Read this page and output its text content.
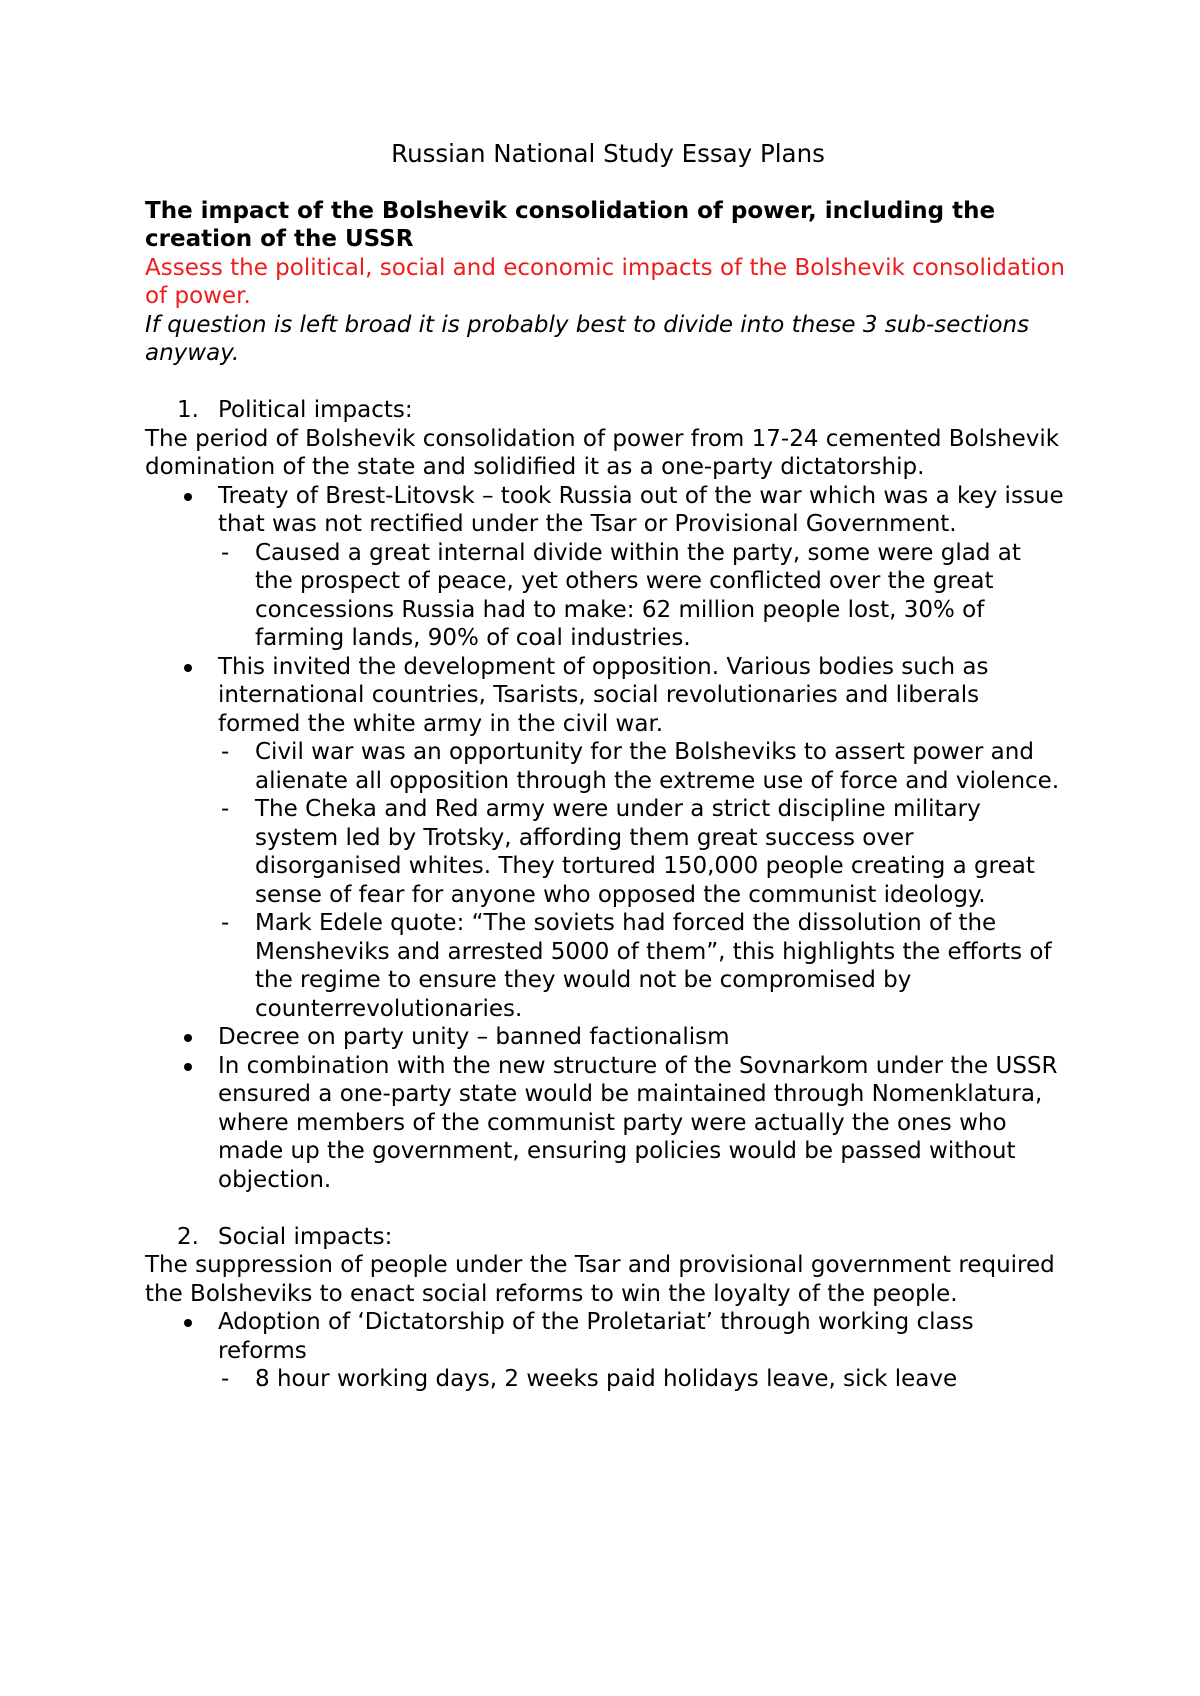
Russian National Study Essay Plans

The impact of the Bolshevik consolidation of power, including the creation of the USSR

Assess the political, social and economic impacts of the Bolshevik consolidation of power.

If question is left broad it is probably best to divide into these 3 sub-sections anyway.

1. Political impacts:

The period of Bolshevik consolidation of power from 17-24 cemented Bolshevik domination of the state and solidified it as a one-party dictatorship.

Treaty of Brest-Litovsk – took Russia out of the war which was a key issue that was not rectified under the Tsar or Provisional Government.

- Caused a great internal divide within the party, some were glad at the prospect of peace, yet others were conflicted over the great concessions Russia had to make: 62 million people lost, 30% of farming lands, 90% of coal industries.

This invited the development of opposition. Various bodies such as international countries, Tsarists, social revolutionaries and liberals formed the white army in the civil war.

- Civil war was an opportunity for the Bolsheviks to assert power and alienate all opposition through the extreme use of force and violence.

- The Cheka and Red army were under a strict discipline military system led by Trotsky, affording them great success over disorganised whites. They tortured 150,000 people creating a great sense of fear for anyone who opposed the communist ideology.

- Mark Edele quote: “The soviets had forced the dissolution of the Mensheviks and arrested 5000 of them”, this highlights the efforts of the regime to ensure they would not be compromised by counterrevolutionaries.

Decree on party unity – banned factionalism

In combination with the new structure of the Sovnarkom under the USSR ensured a one-party state would be maintained through Nomenklatura, where members of the communist party were actually the ones who made up the government, ensuring policies would be passed without objection.

2. Social impacts:

The suppression of people under the Tsar and provisional government required the Bolsheviks to enact social reforms to win the loyalty of the people.

Adoption of ‘Dictatorship of the Proletariat’ through working class reforms

- 8 hour working days, 2 weeks paid holidays leave, sick leave
